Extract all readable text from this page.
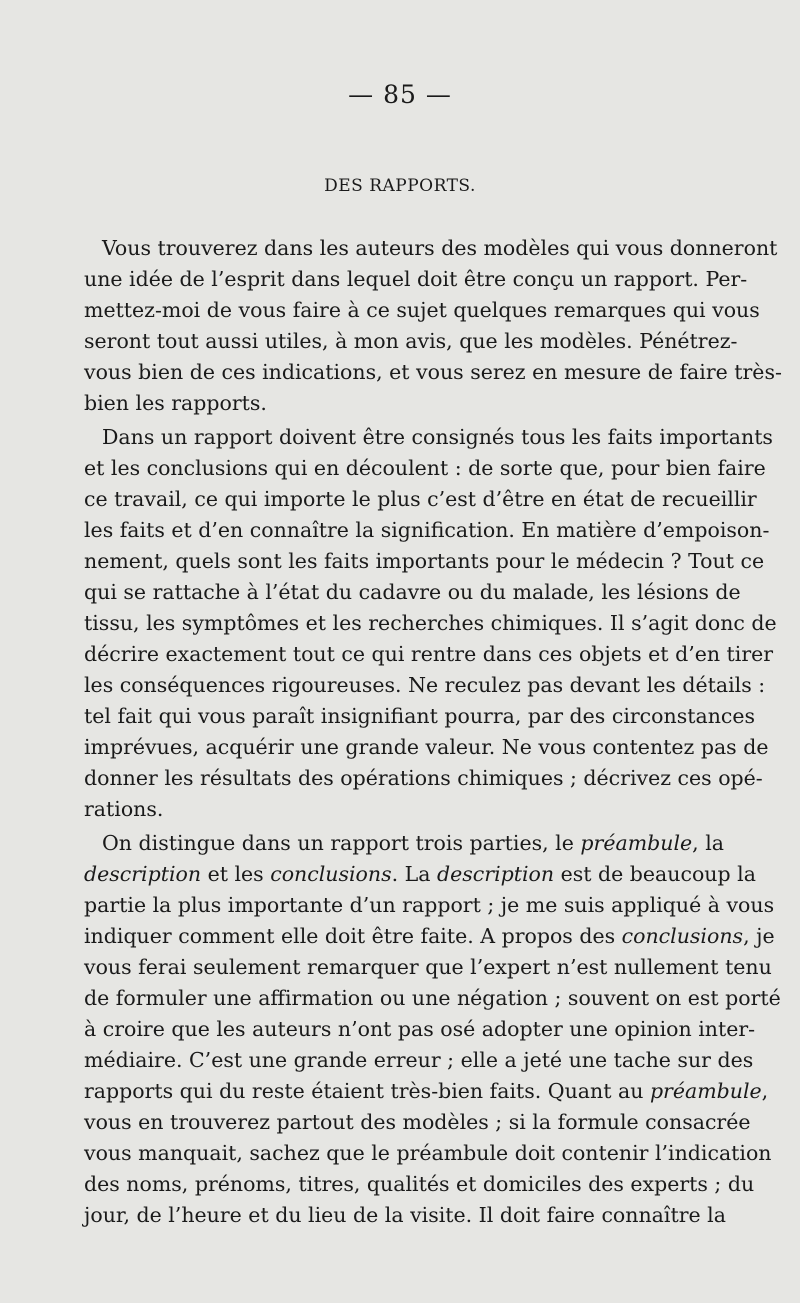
— 85 —
DES RAPPORTS.
Vous trouverez dans les auteurs des modèles qui vous donneront
une idée de l’esprit dans lequel doit être conçu un rapport. Per-
mettez-moi de vous faire à ce sujet quelques remarques qui vous
seront tout aussi utiles, à mon avis, que les modèles. Pénétrez-
vous bien de ces indications, et vous serez en mesure de faire très-
bien les rapports.
Dans un rapport doivent être consignés tous les faits importants
et les conclusions qui en découlent : de sorte que, pour bien faire
ce travail, ce qui importe le plus c’est d’être en état de recueillir
les faits et d’en connaître la signification. En matière d’empoison-
nement, quels sont les faits importants pour le médecin ? Tout ce
qui se rattache à l’état du cadavre ou du malade, les lésions de
tissu, les symptômes et les recherches chimiques. Il s’agit donc de
décrire exactement tout ce qui rentre dans ces objets et d’en tirer
les conséquences rigoureuses. Ne reculez pas devant les détails :
tel fait qui vous paraît insignifiant pourra, par des circonstances
imprévues, acquérir une grande valeur. Ne vous contentez pas de
donner les résultats des opérations chimiques ; décrivez ces opé-
rations.
On distingue dans un rapport trois parties, le préambule, la
description et les conclusions. La description est de beaucoup la
partie la plus importante d’un rapport ; je me suis appliqué à vous
indiquer comment elle doit être faite. A propos des conclusions, je
vous ferai seulement remarquer que l’expert n’est nullement tenu
de formuler une affirmation ou une négation ; souvent on est porté
à croire que les auteurs n’ont pas osé adopter une opinion inter-
médiaire. C’est une grande erreur ; elle a jeté une tache sur des
rapports qui du reste étaient très-bien faits. Quant au préambule,
vous en trouverez partout des modèles ; si la formule consacrée
vous manquait, sachez que le préambule doit contenir l’indication
des noms, prénoms, titres, qualités et domiciles des experts ; du
jour, de l’heure et du lieu de la visite. Il doit faire connaître la
